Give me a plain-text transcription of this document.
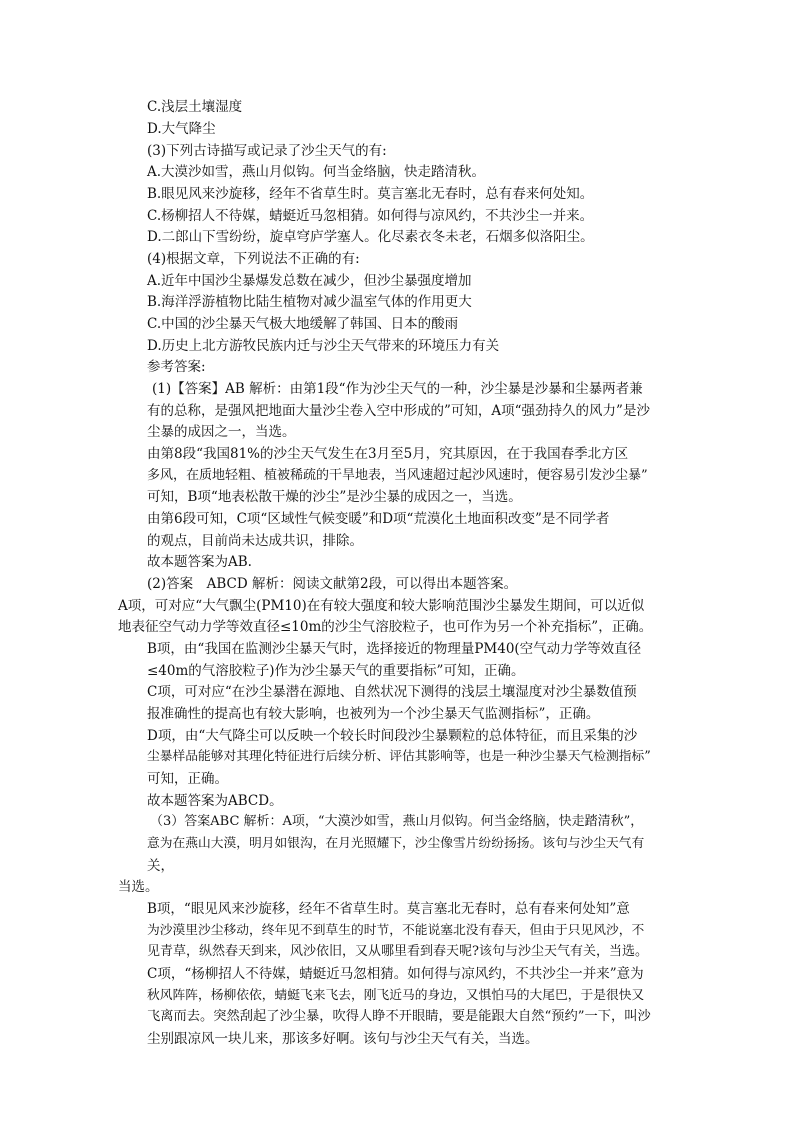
C.浅层土壤湿度
D.大气降尘
(3)下列古诗描写或记录了沙尘天气的有:
A.大漠沙如雪，燕山月似钩。何当金络脑，快走踏清秋。
B.眼见风来沙旋移，经年不省草生时。莫言塞北无春时，总有春来何处知。
C.杨柳招人不待媒，蜻蜓近马忽相猜。如何得与凉风约，不共沙尘一并来。
D.二郎山下雪纷纷，旋卓穹庐学塞人。化尽素衣冬未老，石烟多似洛阳尘。
(4)根据文章，下列说法不正确的有:
A.近年中国沙尘暴爆发总数在减少，但沙尘暴强度增加
B.海洋浮游植物比陆生植物对减少温室气体的作用更大
C.中国的沙尘暴天气极大地缓解了韩国、日本的酸雨
D.历史上北方游牧民族内迁与沙尘天气带来的环境压力有关
参考答案:
(1)【答案】AB 解析：由第1段“作为沙尘天气的一种，沙尘暴是沙暴和尘暴两者兼
有的总称，是强风把地面大量沙尘卷入空中形成的”可知，A项“强劲持久的风力”是沙
尘暴的成因之一，当选。
由第8段“我国81%的沙尘天气发生在3月至5月，究其原因，在于我国春季北方区
多风，在质地轻粗、植被稀疏的干旱地表，当风速超过起沙风速时，便容易引发沙尘暴”
可知，B项“地表松散干燥的沙尘”是沙尘暴的成因之一，当选。
由第6段可知，C项“区域性气候变暖”和D项“荒漠化土地面积改变”是不同学者
的观点，目前尚未达成共识，排除。
故本题答案为AB.
(2)答案　ABCD 解析：阅读文献第2段，可以得出本题答案。
A项，可对应“大气飘尘(PM10)在有较大强度和较大影响范围沙尘暴发生期间，可以近似
地表征空气动力学等效直径≤10m的沙尘气溶胶粒子，也可作为另一个补充指标”，正确。
B项，由“我国在监测沙尘暴天气时，选择接近的物理量PM40(空气动力学等效直径
≤40m的气溶胶粒子)作为沙尘暴天气的重要指标”可知，正确。
C项，可对应“在沙尘暴潜在源地、自然状况下测得的浅层土壤湿度对沙尘暴数值预
报准确性的提高也有较大影响，也被列为一个沙尘暴天气监测指标”，正确。
D项，由“大气降尘可以反映一个较长时间段沙尘暴颗粒的总体特征，而且采集的沙
尘暴样品能够对其理化特征进行后续分析、评估其影响等，也是一种沙尘暴天气检测指标”
可知，正确。
故本题答案为ABCD。
（3）答案ABC 解析：A项，“大漠沙如雪，燕山月似钩。何当金络脑，快走踏清秋”，
意为在燕山大漠，明月如银沟，在月光照耀下，沙尘像雪片纷纷扬扬。该句与沙尘天气有
关，
当选。
B项，“眼见风来沙旋移，经年不省草生时。莫言塞北无春时，总有春来何处知”意
为沙漠里沙尘移动，终年见不到草生的时节，不能说塞北没有春天，但由于只见风沙，不
见青草，纵然春天到来，风沙依旧，又从哪里看到春天呢?该句与沙尘天气有关，当选。
C项，“杨柳招人不待媒，蜻蜓近马忽相猜。如何得与凉风约，不共沙尘一并来”意为
秋风阵阵，杨柳依依，蜻蜓飞来飞去，刚飞近马的身边，又惧怕马的大尾巴，于是很快又
飞离而去。突然刮起了沙尘暴，吹得人睁不开眼睛，要是能跟大自然“预约”一下，叫沙
尘别跟凉风一块儿来，那该多好啊。该句与沙尘天气有关，当选。
